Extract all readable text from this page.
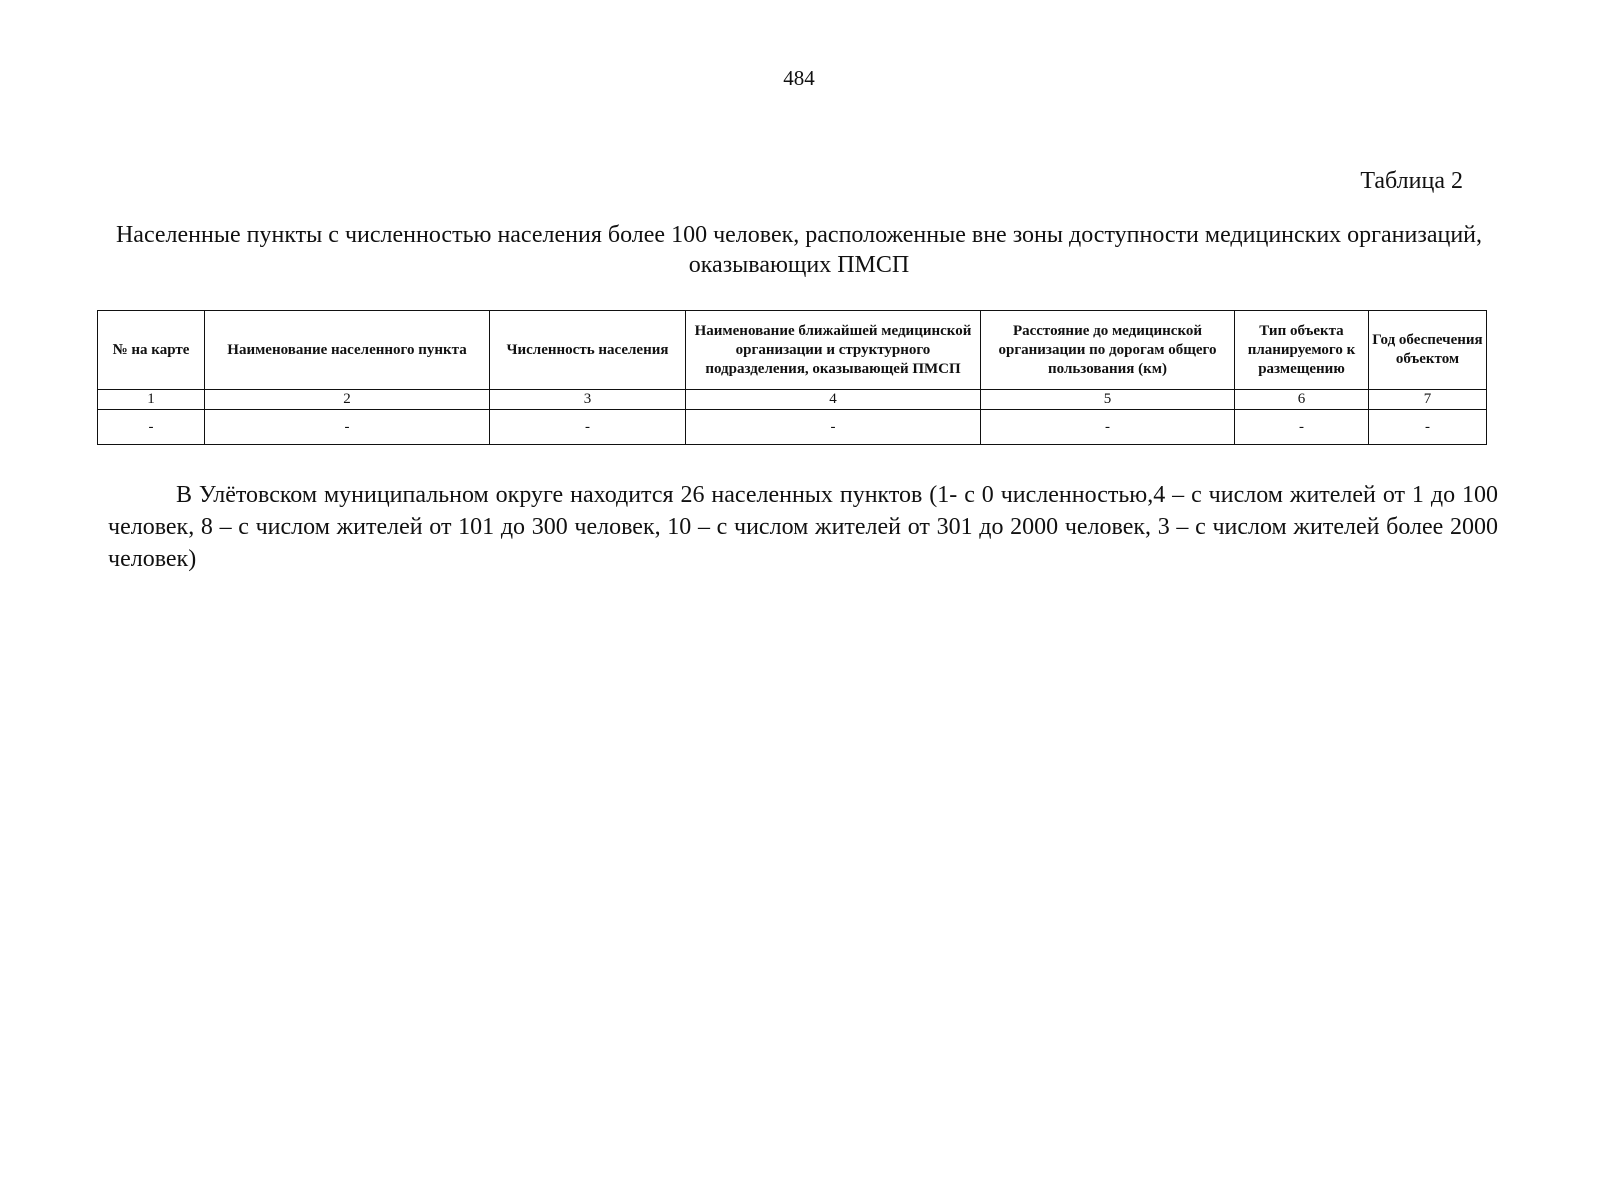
484
Таблица 2
Населенные пункты с численностью населения более 100 человек, расположенные вне зоны доступности медицинских организаций, оказывающих ПМСП
№ на карте	Наименование населенного пункта	Численность населения	Наименование ближайшей медицинской организации и структурного подразделения, оказывающей ПМСП	Расстояние до медицинской организации по дорогам общего пользования (км)	Тип объекта планируемого к размещению	Год обеспечения объектом
1	2	3	4	5	6	7
-	-	-	-	-	-	-

В Улётовском муниципальном округе находится 26 населенных пунктов (1- с 0 численностью,4 – с числом жителей от 1 до 100 человек, 8 – с числом жителей от 101 до 300 человек, 10 – с числом жителей от 301 до 2000 человек, 3 – с числом жителей более 2000 человек)
